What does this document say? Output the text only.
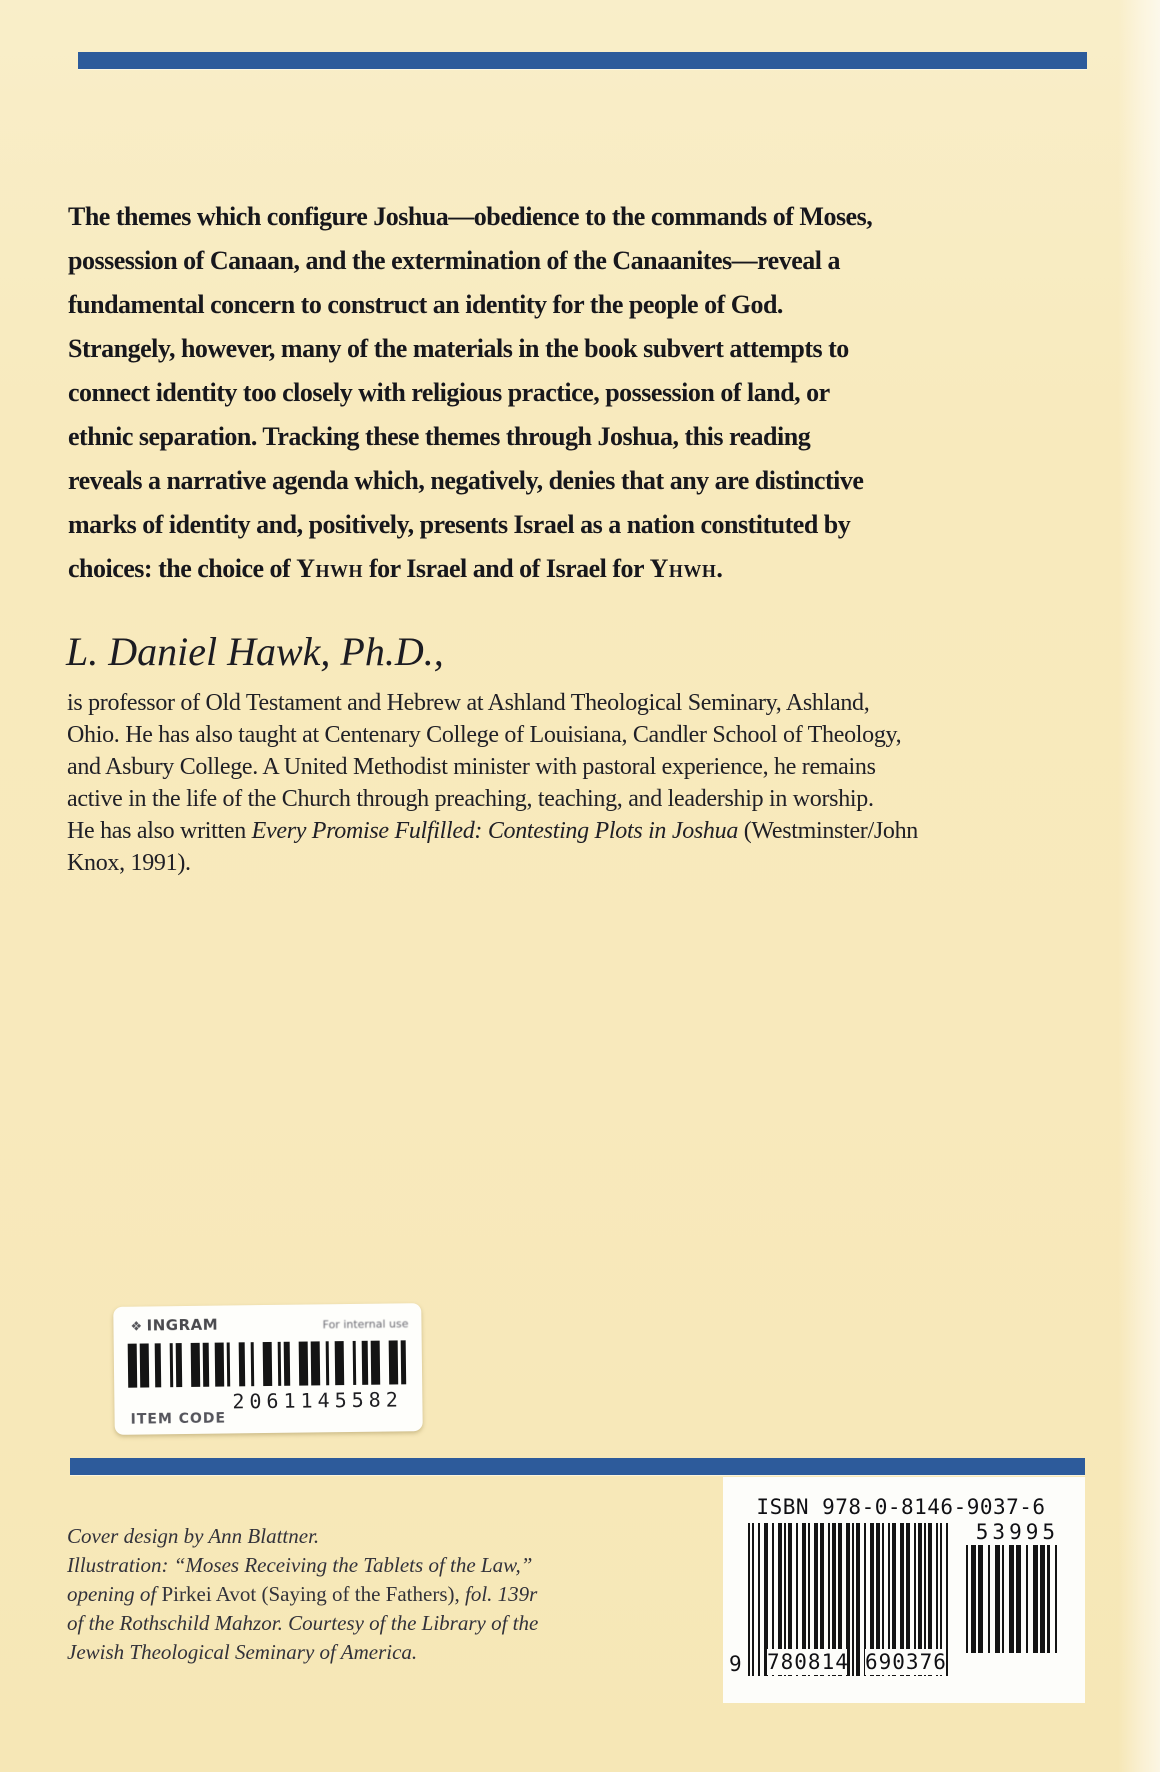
The themes which configure Joshua—obedience to the commands of Moses,
possession of Canaan, and the extermination of the Canaanites—reveal a
fundamental concern to construct an identity for the people of God.
Strangely, however, many of the materials in the book subvert attempts to
connect identity too closely with religious practice, possession of land, or
ethnic separation. Tracking these themes through Joshua, this reading
reveals a narrative agenda which, negatively, denies that any are distinctive
marks of identity and, positively, presents Israel as a nation constituted by
choices: the choice of Yhwh for Israel and of Israel for Yhwh.
L. Daniel Hawk, Ph.D.,
is professor of Old Testament and Hebrew at Ashland Theological Seminary, Ashland,
Ohio. He has also taught at Centenary College of Louisiana, Candler School of Theology,
and Asbury College. A United Methodist minister with pastoral experience, he remains
active in the life of the Church through preaching, teaching, and leadership in worship.
He has also written Every Promise Fulfilled: Contesting Plots in Joshua (Westminster/John
Knox, 1991).
❖ INGRAM	For internal use
2061145582
ITEM CODE
ISBN 978-0-8146-9037-6
53995
9 780814 690376
Cover design by Ann Blattner.
Illustration: “Moses Receiving the Tablets of the Law,”
opening of Pirkei Avot (Saying of the Fathers), fol. 139r
of the Rothschild Mahzor. Courtesy of the Library of the
Jewish Theological Seminary of America.
